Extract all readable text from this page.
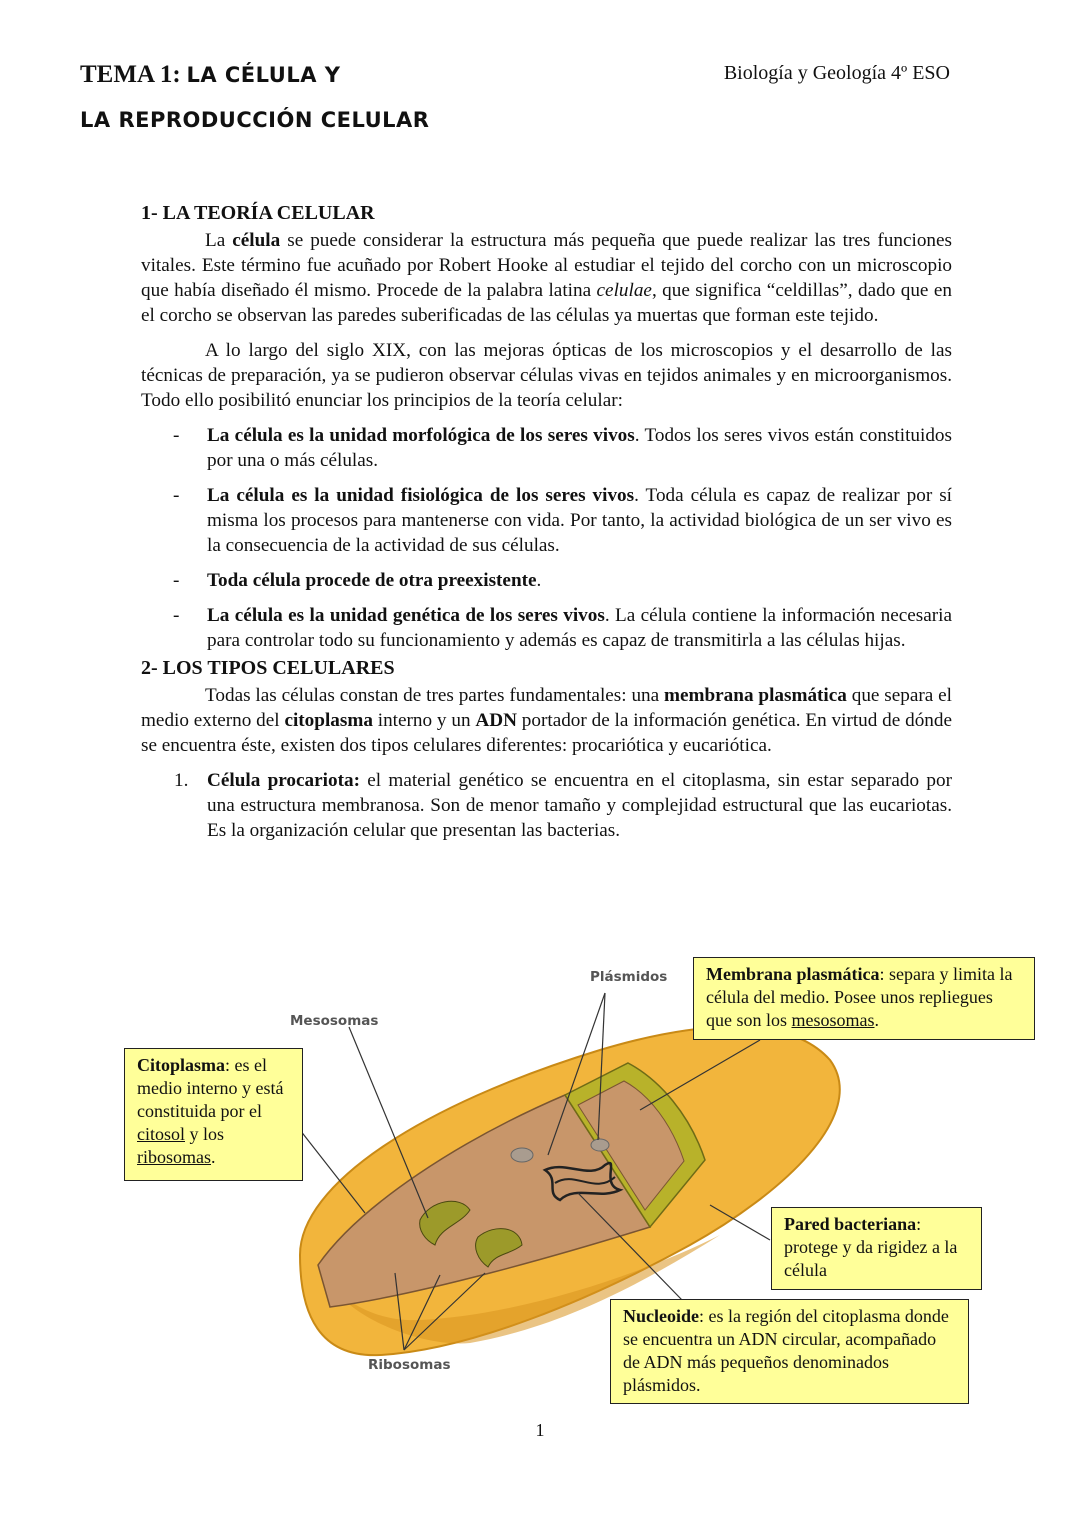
TEMA 1: LA CÉLULA Y
LA REPRODUCCIÓN CELULAR
Biología y Geología 4º ESO
1- LA TEORÍA CELULAR

La célula se puede considerar la estructura más pequeña que puede realizar las tres funciones vitales. Este término fue acuñado por Robert Hooke al estudiar el tejido del corcho con un microscopio que había diseñado él mismo. Procede de la palabra latina celulae, que significa “celdillas”, dado que en el corcho se observan las paredes suberificadas de las células ya muertas que forman este tejido.

A lo largo del siglo XIX, con las mejoras ópticas de los microscopios y el desarrollo de las técnicas de preparación, ya se pudieron observar células vivas en tejidos animales y en microorganismos. Todo ello posibilitó enunciar los principios de la teoría celular:

- La célula es la unidad morfológica de los seres vivos. Todos los seres vivos están constituidos por una o más células.
- La célula es la unidad fisiológica de los seres vivos. Toda célula es capaz de realizar por sí misma los procesos para mantenerse con vida. Por tanto, la actividad biológica de un ser vivo es la consecuencia de la actividad de sus células.
- Toda célula procede de otra preexistente.
- La célula es la unidad genética de los seres vivos. La célula contiene la información necesaria para controlar todo su funcionamiento y además es capaz de transmitirla a las células hijas.
2- LOS TIPOS CELULARES

Todas las células constan de tres partes fundamentales: una membrana plasmática que separa el medio externo del citoplasma interno y un ADN portador de la información genética. En virtud de dónde se encuentra éste, existen dos tipos celulares diferentes: procariótica y eucariótica.

1. Célula procariota: el material genético se encuentra en el citoplasma, sin estar separado por una estructura membranosa. Son de menor tamaño y complejidad estructural que las eucariotas. Es la organización celular que presentan las bacterias.
Plásmidos
Mesosomas
Ribosomas
Membrana plasmática: separa y limita la célula del medio. Posee unos repliegues que son los mesosomas.
Citoplasma: es el medio interno y está constituida por el citosol y los ribosomas.
Pared bacteriana: protege y da rigidez a la célula
Nucleoide: es la región del citoplasma donde se encuentra un ADN circular, acompañado de ADN más pequeños denominados plásmidos.
1
